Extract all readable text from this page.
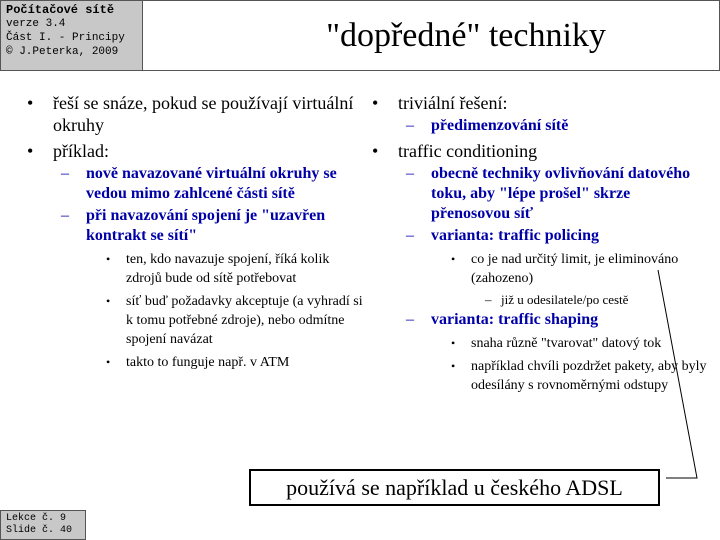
Počítačové sítě
verze 3.4
Část I. - Principy
© J.Peterka, 2009	"dopředné" techniky
• řeší se snáze, pokud se používají virtuální okruhy
• příklad:
– nově navazované virtuální okruhy se vedou mimo zahlcené části sítě
– při navazování spojení je "uzavřen kontrakt se sítí"
• ten, kdo navazuje spojení, říká kolik zdrojů bude od sítě potřebovat
• síť buď požadavky akceptuje (a vyhradí si k tomu potřebné zdroje), nebo odmítne spojení navázat
• takto to funguje např. v ATM
• triviální řešení:
– předimenzování sítě
• traffic conditioning
– obecně techniky ovlivňování datového toku, aby "lépe prošel" skrze přenosovou síť
– varianta: traffic policing
• co je nad určitý limit, je eliminováno (zahozeno)
– již u odesilatele/po cestě
– varianta: traffic shaping
• snaha různě "tvarovat" datový tok
• například chvíli pozdržet pakety, aby byly odesílány s rovnoměrnými odstupy
používá se například u českého ADSL
Lekce č. 9
Slide č. 40
